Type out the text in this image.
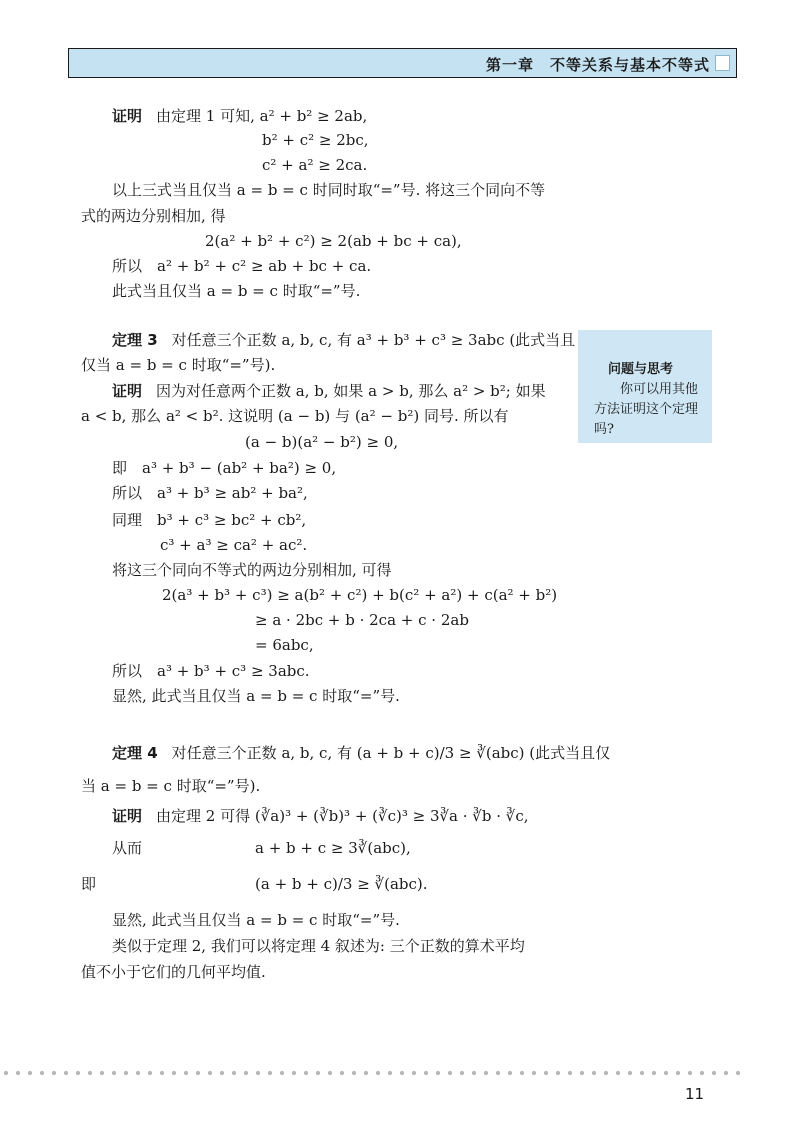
第一章　不等关系与基本不等式
证明 由定理 1 可知, a² + b² ≥ 2ab,
b² + c² ≥ 2bc,
c² + a² ≥ 2ca.
以上三式当且仅当 a = b = c 时同时取“=”号. 将这三个同向不等
式的两边分别相加, 得
2(a² + b² + c²) ≥ 2(ab + bc + ca),
所以　a² + b² + c² ≥ ab + bc + ca.
此式当且仅当 a = b = c 时取“=”号.
定理 3 对任意三个正数 a, b, c, 有 a³ + b³ + c³ ≥ 3abc (此式当且
仅当 a = b = c 时取“=”号).
证明 因为对任意两个正数 a, b, 如果 a > b, 那么 a² > b²; 如果
a < b, 那么 a² < b². 这说明 (a − b) 与 (a² − b²) 同号. 所以有
(a − b)(a² − b²) ≥ 0,
即　a³ + b³ − (ab² + ba²) ≥ 0,
所以　a³ + b³ ≥ ab² + ba²,
同理　b³ + c³ ≥ bc² + cb²,
c³ + a³ ≥ ca² + ac².
将这三个同向不等式的两边分别相加, 可得
2(a³ + b³ + c³) ≥ a(b² + c²) + b(c² + a²) + c(a² + b²)
≥ a · 2bc + b · 2ca + c · 2ab
= 6abc,
所以　a³ + b³ + c³ ≥ 3abc.
显然, 此式当且仅当 a = b = c 时取“=”号.
定理 4 对任意三个正数 a, b, c, 有 (a + b + c)/3 ≥ ∛(abc) (此式当且仅
当 a = b = c 时取“=”号).
证明 由定理 2 可得 (∛a)³ + (∛b)³ + (∛c)³ ≥ 3∛a · ∛b · ∛c,
从而	a + b + c ≥ 3∛(abc),
即	(a + b + c)/3 ≥ ∛(abc).
显然, 此式当且仅当 a = b = c 时取“=”号.
类似于定理 2, 我们可以将定理 4 叙述为: 三个正数的算术平均
值不小于它们的几何平均值.
问题与思考
你可以用其他方法证明这个定理吗?
11
